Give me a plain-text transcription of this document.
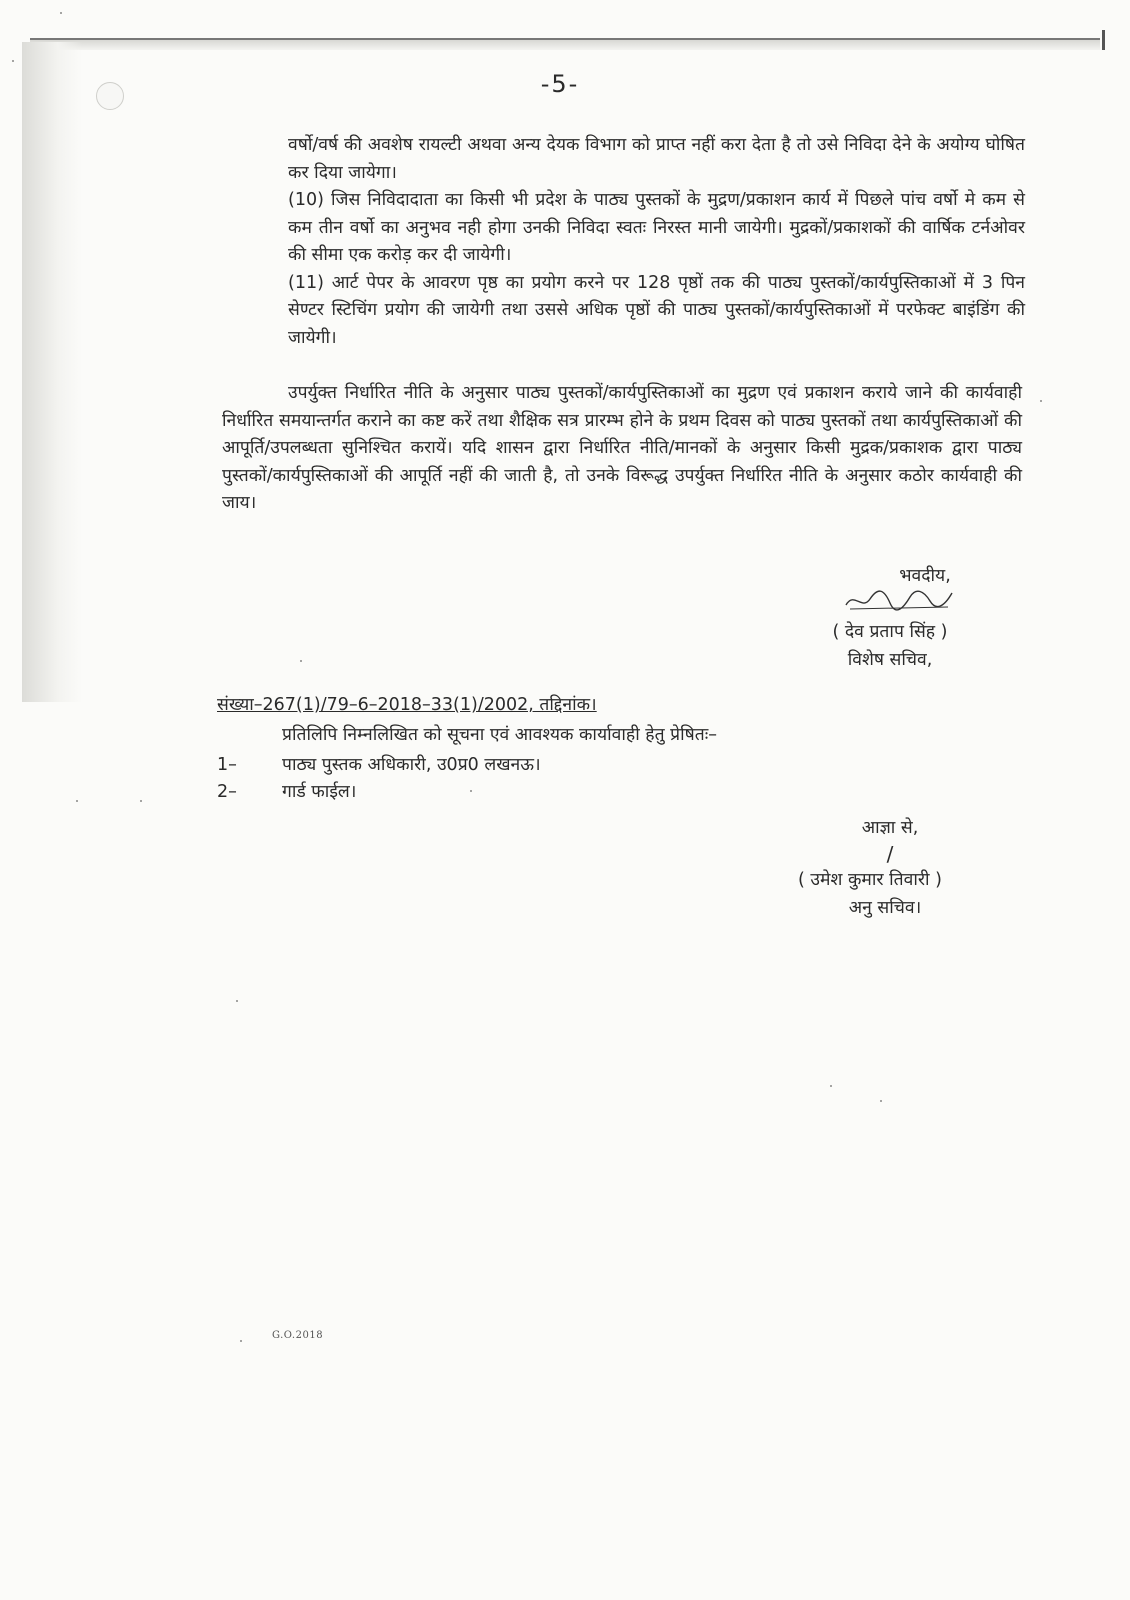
-5-

वर्षो/वर्ष की अवशेष रायल्टी अथवा अन्य देयक विभाग को प्राप्त नहीं करा देता है तो उसे निविदा देने के अयोग्य घोषित कर दिया जायेगा।

(10) जिस निविदादाता का किसी भी प्रदेश के पाठ्य पुस्तकों के मुद्रण/प्रकाशन कार्य में पिछले पांच वर्षो मे कम से कम तीन वर्षो का अनुभव नही होगा उनकी निविदा स्वतः निरस्त मानी जायेगी। मुद्रकों/प्रकाशकों की वार्षिक टर्नओवर की सीमा एक करोड़ कर दी जायेगी।

(11) आर्ट पेपर के आवरण पृष्ठ का प्रयोग करने पर 128 पृष्ठों तक की पाठ्य पुस्तकों/कार्यपुस्तिकाओं में 3 पिन सेण्टर स्टिचिंग प्रयोग की जायेगी तथा उससे अधिक पृष्ठों की पाठ्य पुस्तकों/कार्यपुस्तिकाओं में परफेक्ट बाइंडिंग की जायेगी।

उपर्युक्त निर्धारित नीति के अनुसार पाठ्य पुस्तकों/कार्यपुस्तिकाओं का मुद्रण एवं प्रकाशन कराये जाने की कार्यवाही निर्धारित समयान्तर्गत कराने का कष्ट करें तथा शैक्षिक सत्र प्रारम्भ होने के प्रथम दिवस को पाठ्य पुस्तकों तथा कार्यपुस्तिकाओं की आपूर्ति/उपलब्धता सुनिश्चित करायें। यदि शासन द्वारा निर्धारित नीति/मानकों के अनुसार किसी मुद्रक/प्रकाशक द्वारा पाठ्य पुस्तकों/कार्यपुस्तिकाओं की आपूर्ति नहीं की जाती है, तो उनके विरूद्ध उपर्युक्त निर्धारित नीति के अनुसार कठोर कार्यवाही की जाय।

भवदीय,
( देव प्रताप सिंह )
विशेष सचिव,
संख्या–267(1)/79–6–2018–33(1)/2002, तद्दिनांक।
प्रतिलिपि निम्नलिखित को सूचना एवं आवश्यक कार्यावाही हेतु प्रेषितः–
1–	पाठ्य पुस्तक अधिकारी, उ0प्र0 लखनऊ।
2–	गार्ड फाईल।
आज्ञा से,
/
( उमेश कुमार तिवारी )
अनु सचिव।
G.O.2018
